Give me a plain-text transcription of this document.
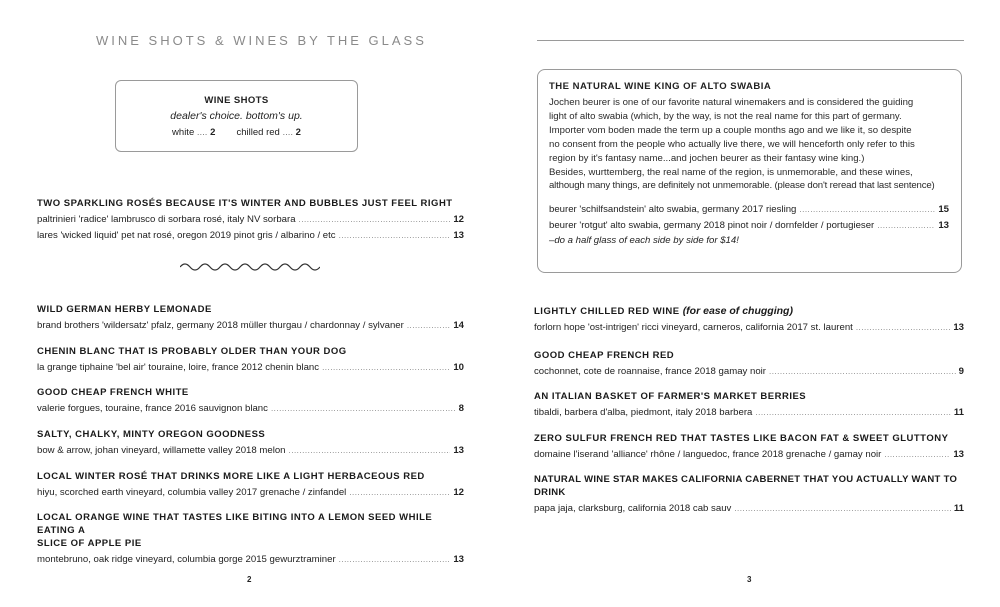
WINE SHOTS & WINES BY THE GLASS
WINE SHOTS
dealer's choice. bottom's up.
white .... 2 chilled red .... 2
TWO SPARKLING ROSÉS BECAUSE IT'S WINTER AND BUBBLES JUST FEEL RIGHT
paltrinieri 'radice' lambrusco di sorbara rosé, italy NV sorbara .....	12
lares 'wicked liquid' pet nat rosé, oregon 2019 pinot gris / albarino / etc .....	13
WILD GERMAN HERBY LEMONADE
brand brothers 'wildersatz' pfalz, germany 2018 müller thurgau / chardonnay / sylvaner .....	14
CHENIN BLANC THAT IS PROBABLY OLDER THAN YOUR DOG
la grange tiphaine 'bel air' touraine, loire, france 2012 chenin blanc .....	10
GOOD CHEAP FRENCH WHITE
valerie forgues, touraine, france 2016 sauvignon blanc .....	8
SALTY, CHALKY, MINTY OREGON GOODNESS
bow & arrow, johan vineyard, willamette valley 2018 melon .....	13
LOCAL WINTER ROSÉ THAT DRINKS MORE LIKE A LIGHT HERBACEOUS RED
hiyu, scorched earth vineyard, columbia valley 2017 grenache / zinfandel .....	12
LOCAL ORANGE WINE THAT TASTES LIKE BITING INTO A LEMON SEED WHILE EATING A
SLICE OF APPLE PIE
montebruno, oak ridge vineyard, columbia gorge 2015 gewurztraminer .....	13
2
THE NATURAL WINE KING OF ALTO SWABIA
Jochen beurer is one of our favorite natural winemakers and is considered the guiding
light of alto swabia (which, by the way, is not the real name for this part of germany.
Importer vom boden made the term up a couple months ago and we like it, so despite
no consent from the people who actually live there, we will henceforth only refer to this
region by it's fantasy name...and jochen beurer as their fantasy wine king.)
Besides, wurttemberg, the real name of the region, is unmemorable, and these wines,
although many things, are definitely not unmemorable. (please don't reread that last sentence)
beurer 'schilfsandstein' alto swabia, germany 2017 riesling .....	15
beurer 'rotgut' alto swabia, germany 2018 pinot noir / dornfelder / portugieser .....	13
–do a half glass of each side by side for $14!
LIGHTLY CHILLED RED WINE (for ease of chugging)
forlorn hope 'ost-intrigen' ricci vineyard, carneros, california 2017 st. laurent .....	13
GOOD CHEAP FRENCH RED
cochonnet, cote de roannaise, france 2018 gamay noir .....	9
AN ITALIAN BASKET OF FARMER'S MARKET BERRIES
tibaldi, barbera d'alba, piedmont, italy 2018 barbera .....	11
ZERO SULFUR FRENCH RED THAT TASTES LIKE BACON FAT & SWEET GLUTTONY
domaine l'iserand 'alliance' rhône / languedoc, france 2018 grenache / gamay noir .....	13
NATURAL WINE STAR MAKES CALIFORNIA CABERNET THAT YOU ACTUALLY WANT TO DRINK
papa jaja, clarksburg, california 2018 cab sauv .....	11
3
